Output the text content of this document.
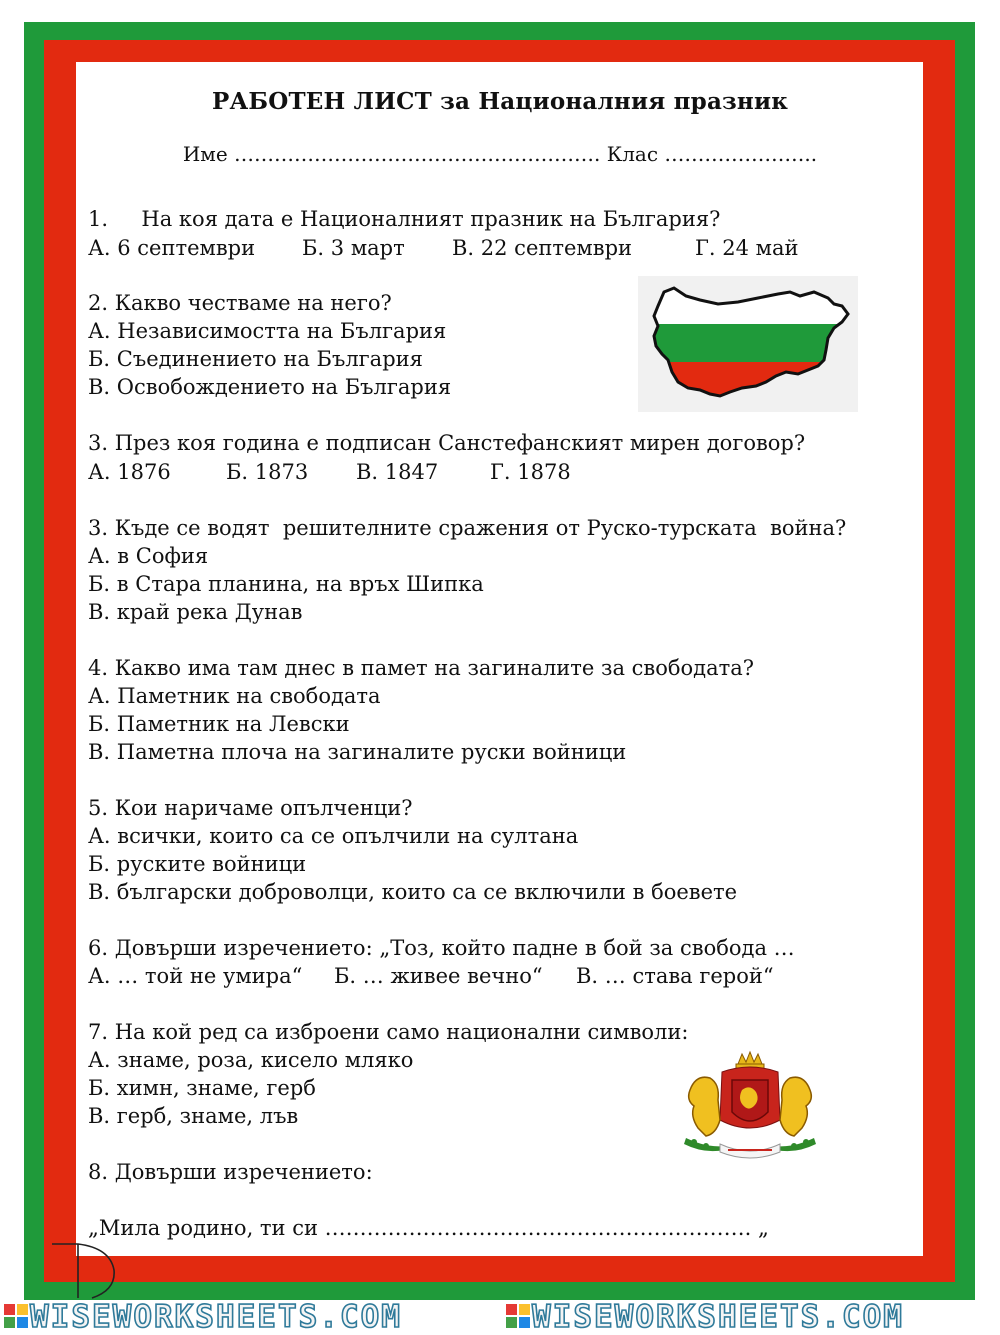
РАБОТЕН ЛИСТ за Националния празник
Име ………………………………………………. Клас …………………..
1.     На коя дата е Националният празник на България?
А. 6 септември Б. 3 март В. 22 септември	Г. 24 май
2. Какво честваме на него?
А. Независимостта на България
Б. Съединението на България
В. Освобождението на България
3. През коя година е подписан Санстефанският мирен договор?
А. 1876	Б. 1873 В. 1847 Г. 1878
3. Къде се водят  решителните сражения от Руско-турската  война?
А. в София
Б. в Стара планина, на връх Шипка
В. край река Дунав
4. Какво има там днес в памет на загиналите за свободата?
А. Паметник на свободата
Б. Паметник на Левски
В. Паметна плоча на загиналите руски войници
5. Кои наричаме опълченци?
А. всички, които са се опълчили на султана
Б. руските войници
В. български доброволци, които са се включили в боевете
6. Довърши изречението: „Тоз, който падне в бой за свобода …
А. … той не умира“ Б. … живее вечно“ В. … става герой“
7. На кой ред са изброени само национални символи:
А. знаме, роза, кисело мляко
Б. химн, знаме, герб
В. герб, знаме, лъв
8. Довърши изречението:
„Мила родино, ти си ……………………………………………………. „
WISEWORKSHEETS.COM	WISEWORKSHEETS.COM
